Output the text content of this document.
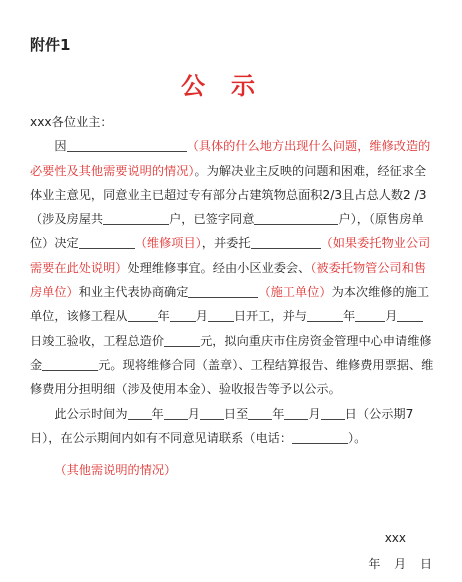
附件1
公示

xxx各位业主：

因	（具体的什么地方出现什么问题，维修改造的必要性及其他需要说明的情况）。为解决业主反映的问题和困难，经征求全体业主意见，同意业主已超过专有部分占建筑物总面积2/3且占总人数2 /3（涉及房屋共	户，已签字同意	户），（原售房单位）决定	（维修项目），并委托	（如果委托物业公司需要在此处说明）处理维修事宜。经由小区业委会、（被委托物管公司和售房单位）和业主代表协商确定	（施工单位）为本次维修的施工单位，该修工程从 年 月 日开工，并与	年 月日竣工验收，工程总造价	元，拟向重庆市住房资金管理中心申请维修金	元。现将维修合同（盖章）、工程结算报告、维修费用票据、维修费用分担明细（涉及使用本金）、验收报告等予以公示。

此公示时间为 年 月 日至 年 月 日（公示期7日），在公示期间内如有不同意见请联系（电话：	）。

（其他需说明的情况）

xxx
年 月 日
